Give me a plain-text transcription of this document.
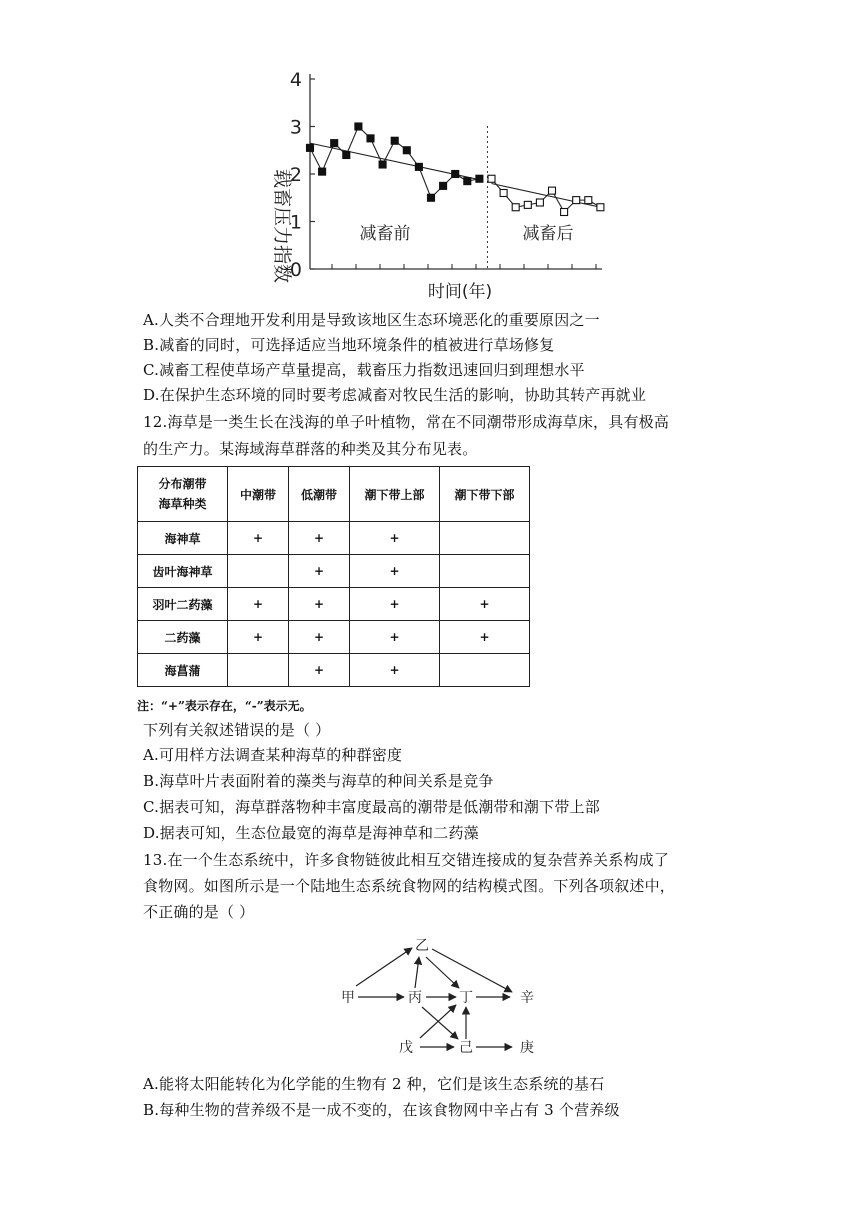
0
1
2
3
4
载畜压力指数	减畜前	减畜后
时间(年)
A.人类不合理地开发利用是导致该地区生态环境恶化的重要原因之一
B.减畜的同时，可选择适应当地环境条件的植被进行草场修复
C.减畜工程使草场产草量提高，载畜压力指数迅速回归到理想水平
D.在保护生态环境的同时要考虑减畜对牧民生活的影响，协助其转产再就业
12.海草是一类生长在浅海的单子叶植物，常在不同潮带形成海草床，具有极高
的生产力。某海域海草群落的种类及其分布见表。
分布潮带
海草种类	中潮带	低潮带	潮下带上部	潮下带下部
海神草	+	+	+	
齿叶海神草		+	+	
羽叶二药藻	+	+	+	+
二药藻	+	+	+	+
海菖蒲		+	+	
注：“+”表示存在，“-”表示无。
下列有关叙述错误的是（ ）
A.可用样方法调查某种海草的种群密度
B.海草叶片表面附着的藻类与海草的种间关系是竞争
C.据表可知，海草群落物种丰富度最高的潮带是低潮带和潮下带上部
D.据表可知，生态位最宽的海草是海神草和二药藻
13.在一个生态系统中，许多食物链彼此相互交错连接成的复杂营养关系构成了
食物网。如图所示是一个陆地生态系统食物网的结构模式图。下列各项叙述中，
不正确的是（ ）
乙
甲	丙	丁	辛
戊	己	庚
A.能将太阳能转化为化学能的生物有 2 种，它们是该生态系统的基石
B.每种生物的营养级不是一成不变的，在该食物网中辛占有 3 个营养级
